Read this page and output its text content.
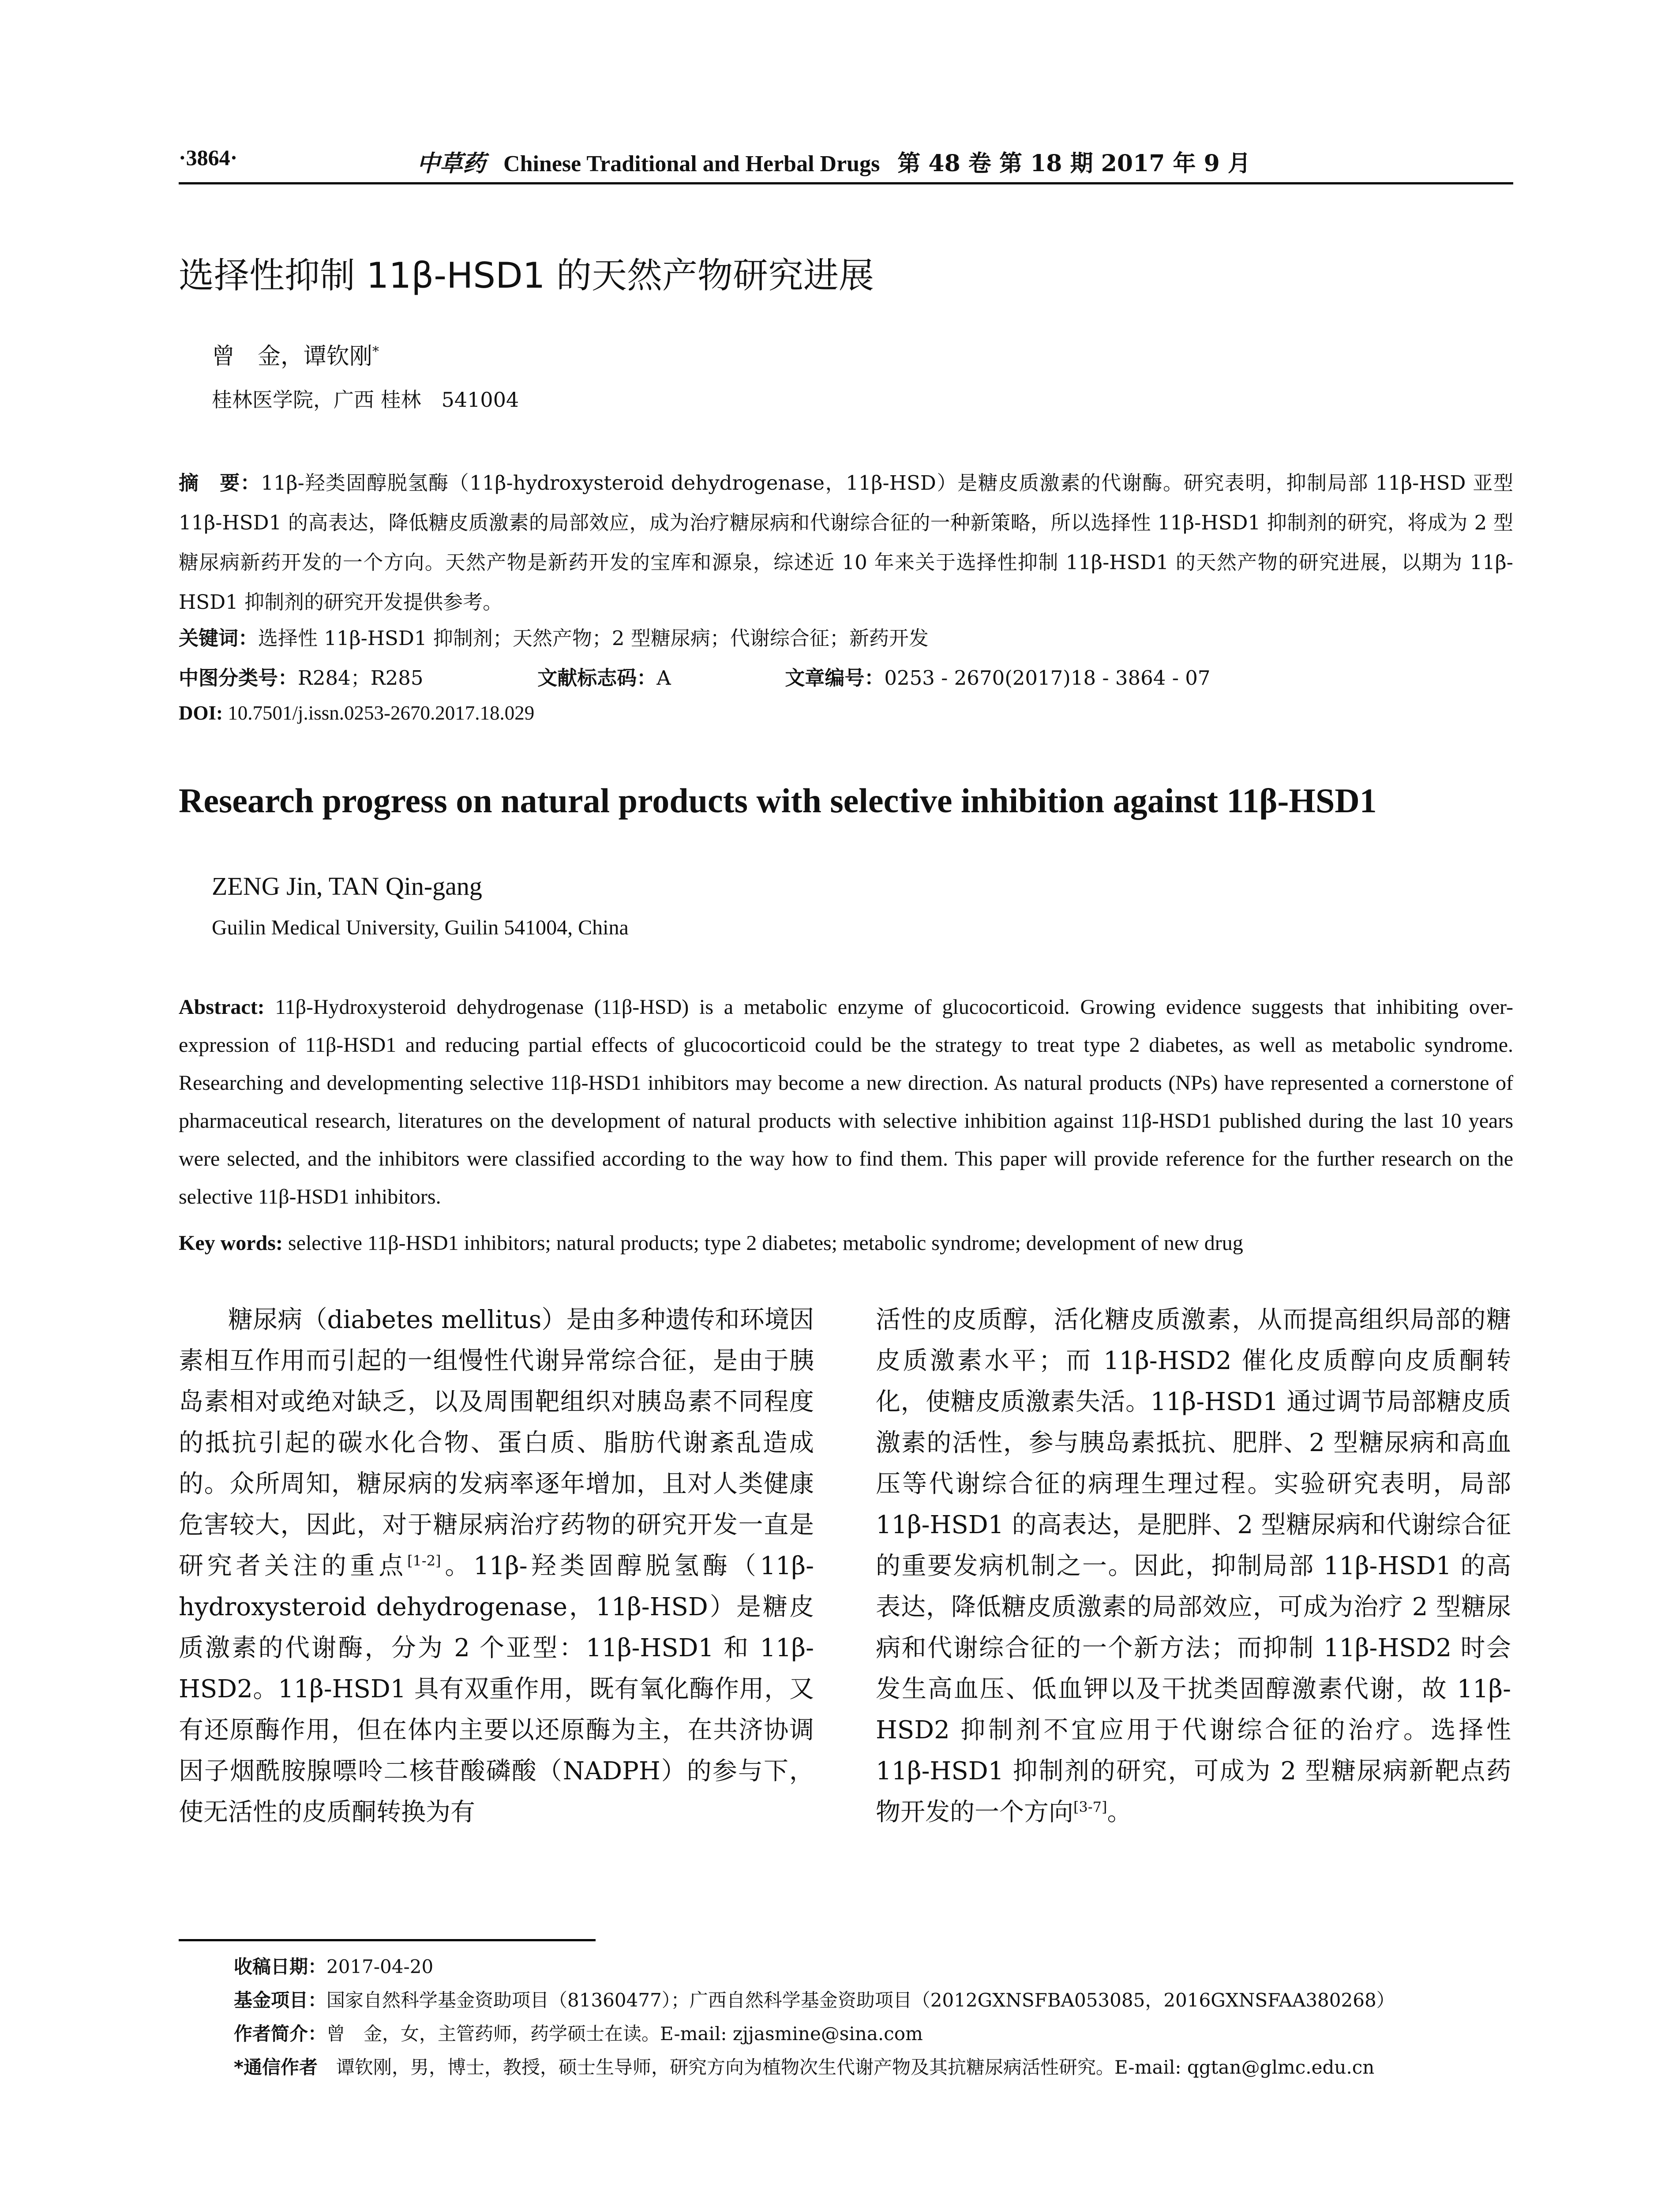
·3864·	中草药 Chinese Traditional and Herbal Drugs 第 48 卷 第 18 期 2017 年 9 月
选择性抑制 11β-HSD1 的天然产物研究进展
曾　金，谭钦刚*
桂林医学院，广西 桂林　541004
摘　要：11β-羟类固醇脱氢酶（11β-hydroxysteroid dehydrogenase，11β-HSD）是糖皮质激素的代谢酶。研究表明，抑制局部 11β-HSD 亚型 11β-HSD1 的高表达，降低糖皮质激素的局部效应，成为治疗糖尿病和代谢综合征的一种新策略，所以选择性 11β-HSD1 抑制剂的研究，将成为 2 型糖尿病新药开发的一个方向。天然产物是新药开发的宝库和源泉，综述近 10 年来关于选择性抑制 11β-HSD1 的天然产物的研究进展，以期为 11β-HSD1 抑制剂的研究开发提供参考。
关键词：选择性 11β-HSD1 抑制剂；天然产物；2 型糖尿病；代谢综合征；新药开发
中图分类号：R284；R285	文献标志码：A	文章编号：0253 - 2670(2017)18 - 3864 - 07
DOI: 10.7501/j.issn.0253-2670.2017.18.029
Research progress on natural products with selective inhibition against 11β-HSD1
ZENG Jin, TAN Qin-gang
Guilin Medical University, Guilin 541004, China
Abstract: 11β-Hydroxysteroid dehydrogenase (11β-HSD) is a metabolic enzyme of glucocorticoid. Growing evidence suggests that inhibiting over-expression of 11β-HSD1 and reducing partial effects of glucocorticoid could be the strategy to treat type 2 diabetes, as well as metabolic syndrome. Researching and developmenting selective 11β-HSD1 inhibitors may become a new direction. As natural products (NPs) have represented a cornerstone of pharmaceutical research, literatures on the development of natural products with selective inhibition against 11β-HSD1 published during the last 10 years were selected, and the inhibitors were classified according to the way how to find them. This paper will provide reference for the further research on the selective 11β-HSD1 inhibitors.
Key words: selective 11β-HSD1 inhibitors; natural products; type 2 diabetes; metabolic syndrome; development of new drug
糖尿病（diabetes mellitus）是由多种遗传和环境因素相互作用而引起的一组慢性代谢异常综合征，是由于胰岛素相对或绝对缺乏，以及周围靶组织对胰岛素不同程度的抵抗引起的碳水化合物、蛋白质、脂肪代谢紊乱造成的。众所周知，糖尿病的发病率逐年增加，且对人类健康危害较大，因此，对于糖尿病治疗药物的研究开发一直是研究者关注的重点[1-2]。11β-羟类固醇脱氢酶（11β-hydroxysteroid dehydrogenase，11β-HSD）是糖皮质激素的代谢酶，分为 2 个亚型：11β-HSD1 和 11β-HSD2。11β-HSD1 具有双重作用，既有氧化酶作用，又有还原酶作用，但在体内主要以还原酶为主，在共济协调因子烟酰胺腺嘌呤二核苷酸磷酸（NADPH）的参与下，使无活性的皮质酮转换为有
活性的皮质醇，活化糖皮质激素，从而提高组织局部的糖皮质激素水平；而 11β-HSD2 催化皮质醇向皮质酮转化，使糖皮质激素失活。11β-HSD1 通过调节局部糖皮质激素的活性，参与胰岛素抵抗、肥胖、2 型糖尿病和高血压等代谢综合征的病理生理过程。实验研究表明，局部 11β-HSD1 的高表达，是肥胖、2 型糖尿病和代谢综合征的重要发病机制之一。因此，抑制局部 11β-HSD1 的高表达，降低糖皮质激素的局部效应，可成为治疗 2 型糖尿病和代谢综合征的一个新方法；而抑制 11β-HSD2 时会发生高血压、低血钾以及干扰类固醇激素代谢，故 11β-HSD2 抑制剂不宜应用于代谢综合征的治疗。选择性 11β-HSD1 抑制剂的研究，可成为 2 型糖尿病新靶点药物开发的一个方向[3-7]。
收稿日期：2017-04-20
基金项目：国家自然科学基金资助项目（81360477）；广西自然科学基金资助项目（2012GXNSFBA053085，2016GXNSFAA380268）
作者简介：曾　金，女，主管药师，药学硕士在读。E-mail: zjjasmine@sina.com
*通信作者　 谭钦刚，男，博士，教授，硕士生导师，研究方向为植物次生代谢产物及其抗糖尿病活性研究。E-mail: qgtan@glmc.edu.cn
